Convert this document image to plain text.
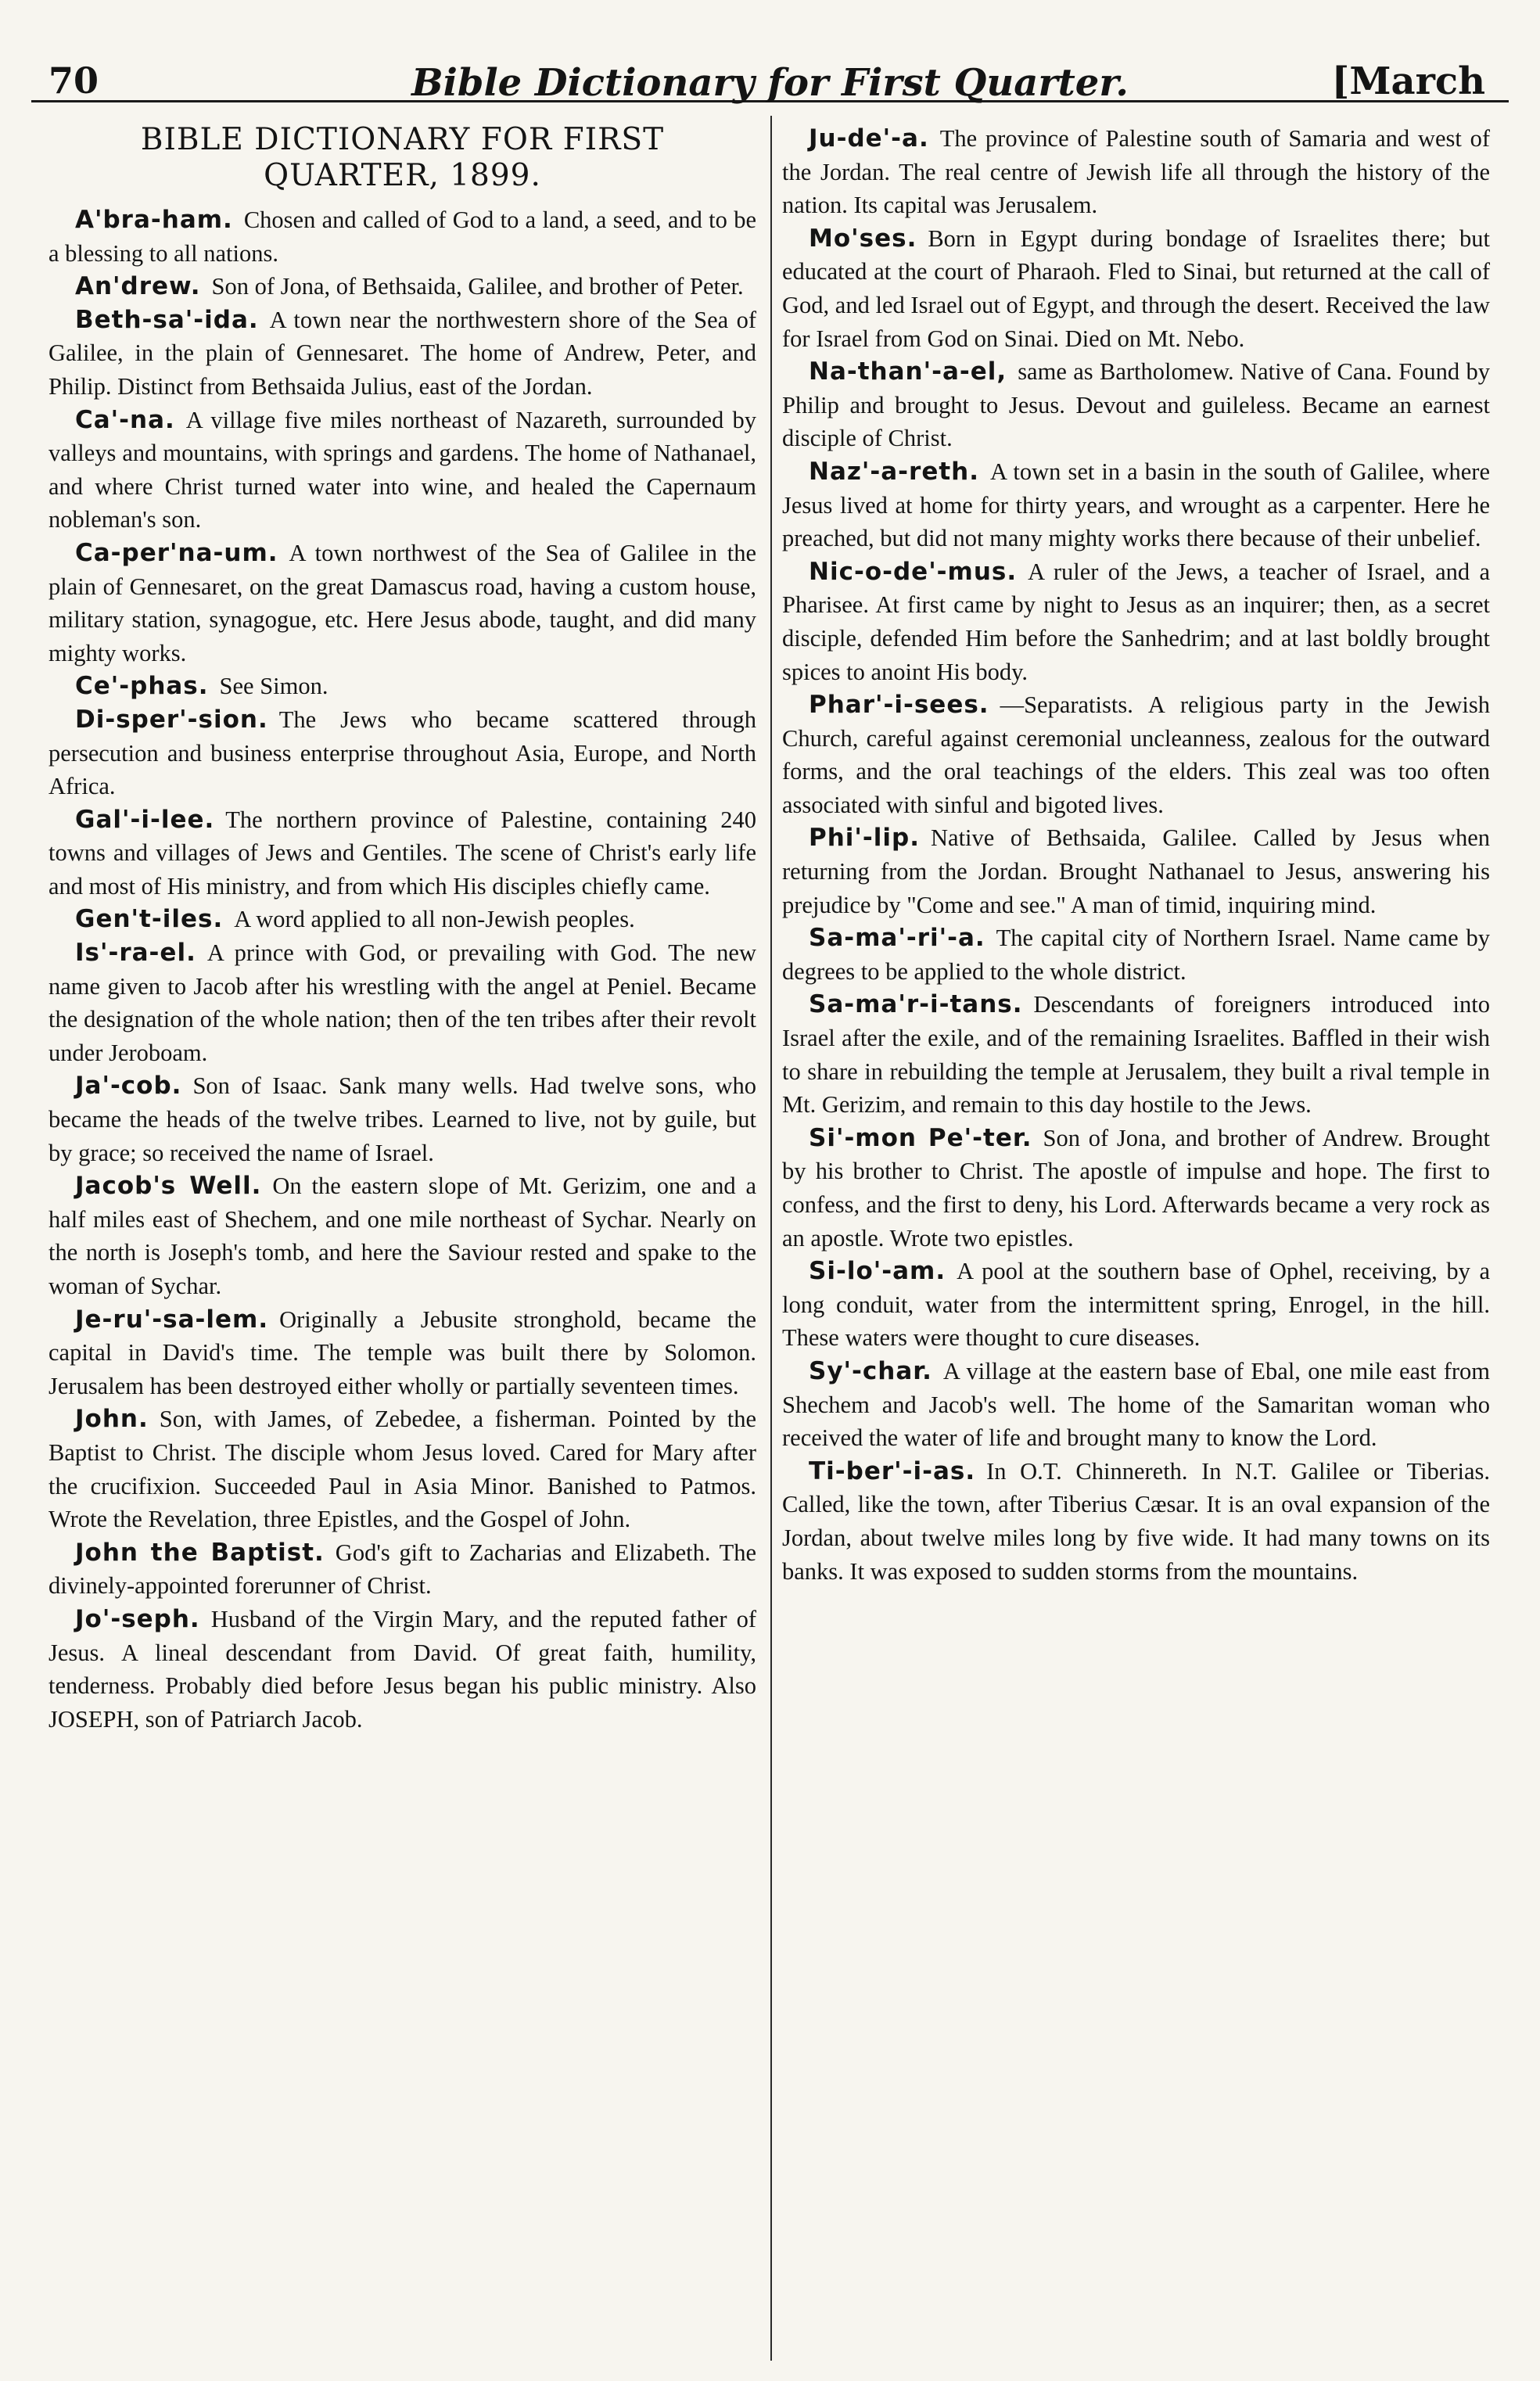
70	Bible Dictionary for First Quarter.	[March
BIBLE DICTIONARY FOR FIRST QUARTER, 1899.

A'bra-ham. Chosen and called of God to a land, a seed, and to be a blessing to all nations.

An'drew. Son of Jona, of Bethsaida, Galilee, and brother of Peter.

Beth-sa'-ida. A town near the northwestern shore of the Sea of Galilee, in the plain of Gennesaret. The home of Andrew, Peter, and Philip. Distinct from Bethsaida Julius, east of the Jordan.

Ca'-na. A village five miles northeast of Nazareth, surrounded by valleys and mountains, with springs and gardens. The home of Nathanael, and where Christ turned water into wine, and healed the Capernaum nobleman's son.

Ca-per'na-um. A town northwest of the Sea of Galilee in the plain of Gennesaret, on the great Damascus road, having a custom house, military station, synagogue, etc. Here Jesus abode, taught, and did many mighty works.

Ce'-phas. See Simon.

Di-sper'-sion. The Jews who became scattered through persecution and business enterprise throughout Asia, Europe, and North Africa.

Gal'-i-lee. The northern province of Palestine, containing 240 towns and villages of Jews and Gentiles. The scene of Christ's early life and most of His ministry, and from which His disciples chiefly came.

Gen't-iles. A word applied to all non-Jewish peoples.

Is'-ra-el. A prince with God, or prevailing with God. The new name given to Jacob after his wrestling with the angel at Peniel. Became the designation of the whole nation; then of the ten tribes after their revolt under Jeroboam.

Ja'-cob. Son of Isaac. Sank many wells. Had twelve sons, who became the heads of the twelve tribes. Learned to live, not by guile, but by grace; so received the name of Israel.

Jacob's Well. On the eastern slope of Mt. Gerizim, one and a half miles east of Shechem, and one mile northeast of Sychar. Nearly on the north is Joseph's tomb, and here the Saviour rested and spake to the woman of Sychar.

Je-ru'-sa-lem. Originally a Jebusite stronghold, became the capital in David's time. The temple was built there by Solomon. Jerusalem has been destroyed either wholly or partially seventeen times.

John. Son, with James, of Zebedee, a fisherman. Pointed by the Baptist to Christ. The disciple whom Jesus loved. Cared for Mary after the crucifixion. Succeeded Paul in Asia Minor. Banished to Patmos. Wrote the Revelation, three Epistles, and the Gospel of John.

John the Baptist. God's gift to Zacharias and Elizabeth. The divinely-appointed forerunner of Christ.

Jo'-seph. Husband of the Virgin Mary, and the reputed father of Jesus. A lineal descendant from David. Of great faith, humility, tenderness. Probably died before Jesus began his public ministry. Also JOSEPH, son of Patriarch Jacob.

Ju-de'-a. The province of Palestine south of Samaria and west of the Jordan. The real centre of Jewish life all through the history of the nation. Its capital was Jerusalem.

Mo'ses. Born in Egypt during bondage of Israelites there; but educated at the court of Pharaoh. Fled to Sinai, but returned at the call of God, and led Israel out of Egypt, and through the desert. Received the law for Israel from God on Sinai. Died on Mt. Nebo.

Na-than'-a-el, same as Bartholomew. Native of Cana. Found by Philip and brought to Jesus. Devout and guileless. Became an earnest disciple of Christ.

Naz'-a-reth. A town set in a basin in the south of Galilee, where Jesus lived at home for thirty years, and wrought as a carpenter. Here he preached, but did not many mighty works there because of their unbelief.

Nic-o-de'-mus. A ruler of the Jews, a teacher of Israel, and a Pharisee. At first came by night to Jesus as an inquirer; then, as a secret disciple, defended Him before the Sanhedrim; and at last boldly brought spices to anoint His body.

Phar'-i-sees. —Separatists. A religious party in the Jewish Church, careful against ceremonial uncleanness, zealous for the outward forms, and the oral teachings of the elders. This zeal was too often associated with sinful and bigoted lives.

Phi'-lip. Native of Bethsaida, Galilee. Called by Jesus when returning from the Jordan. Brought Nathanael to Jesus, answering his prejudice by "Come and see." A man of timid, inquiring mind.

Sa-ma'-ri'-a. The capital city of Northern Israel. Name came by degrees to be applied to the whole district.

Sa-ma'r-i-tans. Descendants of foreigners introduced into Israel after the exile, and of the remaining Israelites. Baffled in their wish to share in rebuilding the temple at Jerusalem, they built a rival temple in Mt. Gerizim, and remain to this day hostile to the Jews.

Si'-mon Pe'-ter. Son of Jona, and brother of Andrew. Brought by his brother to Christ. The apostle of impulse and hope. The first to confess, and the first to deny, his Lord. Afterwards became a very rock as an apostle. Wrote two epistles.

Si-lo'-am. A pool at the southern base of Ophel, receiving, by a long conduit, water from the intermittent spring, Enrogel, in the hill. These waters were thought to cure diseases.

Sy'-char. A village at the eastern base of Ebal, one mile east from Shechem and Jacob's well. The home of the Samaritan woman who received the water of life and brought many to know the Lord.

Ti-ber'-i-as. In O.T. Chinnereth. In N.T. Galilee or Tiberias. Called, like the town, after Tiberius Cæsar. It is an oval expansion of the Jordan, about twelve miles long by five wide. It had many towns on its banks. It was exposed to sudden storms from the mountains.
